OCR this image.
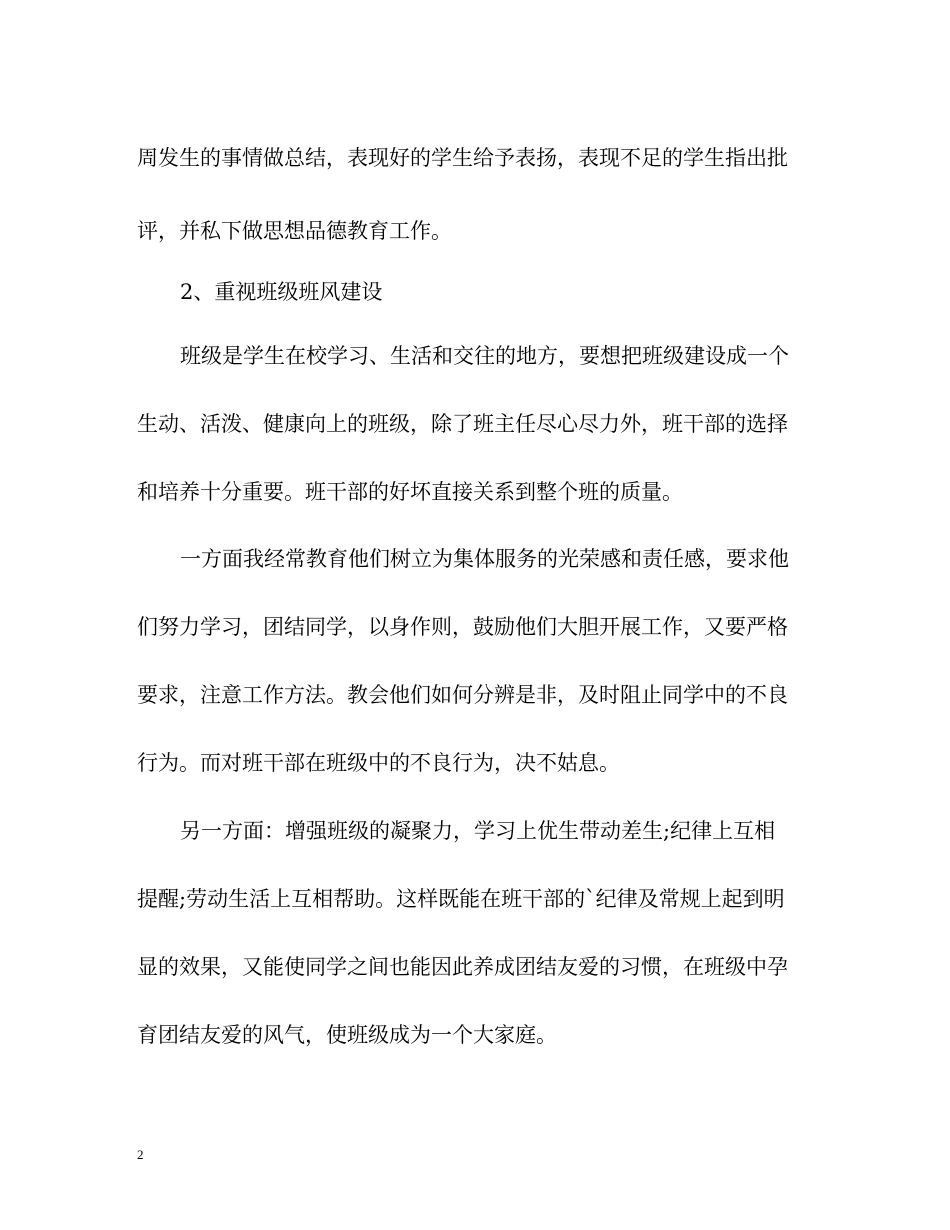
周发生的事情做总结，表现好的学生给予表扬，表现不足的学生指出批

评，并私下做思想品德教育工作。

2、重视班级班风建设

班级是学生在校学习、生活和交往的地方，要想把班级建设成一个

生动、活泼、健康向上的班级，除了班主任尽心尽力外，班干部的选择

和培养十分重要。班干部的好坏直接关系到整个班的质量。

一方面我经常教育他们树立为集体服务的光荣感和责任感，要求他

们努力学习，团结同学，以身作则，鼓励他们大胆开展工作，又要严格

要求，注意工作方法。教会他们如何分辨是非，及时阻止同学中的不良

行为。而对班干部在班级中的不良行为，决不姑息。

另一方面：增强班级的凝聚力，学习上优生带动差生;纪律上互相

提醒;劳动生活上互相帮助。这样既能在班干部的`纪律及常规上起到明

显的效果，又能使同学之间也能因此养成团结友爱的习惯，在班级中孕

育团结友爱的风气，使班级成为一个大家庭。

2
